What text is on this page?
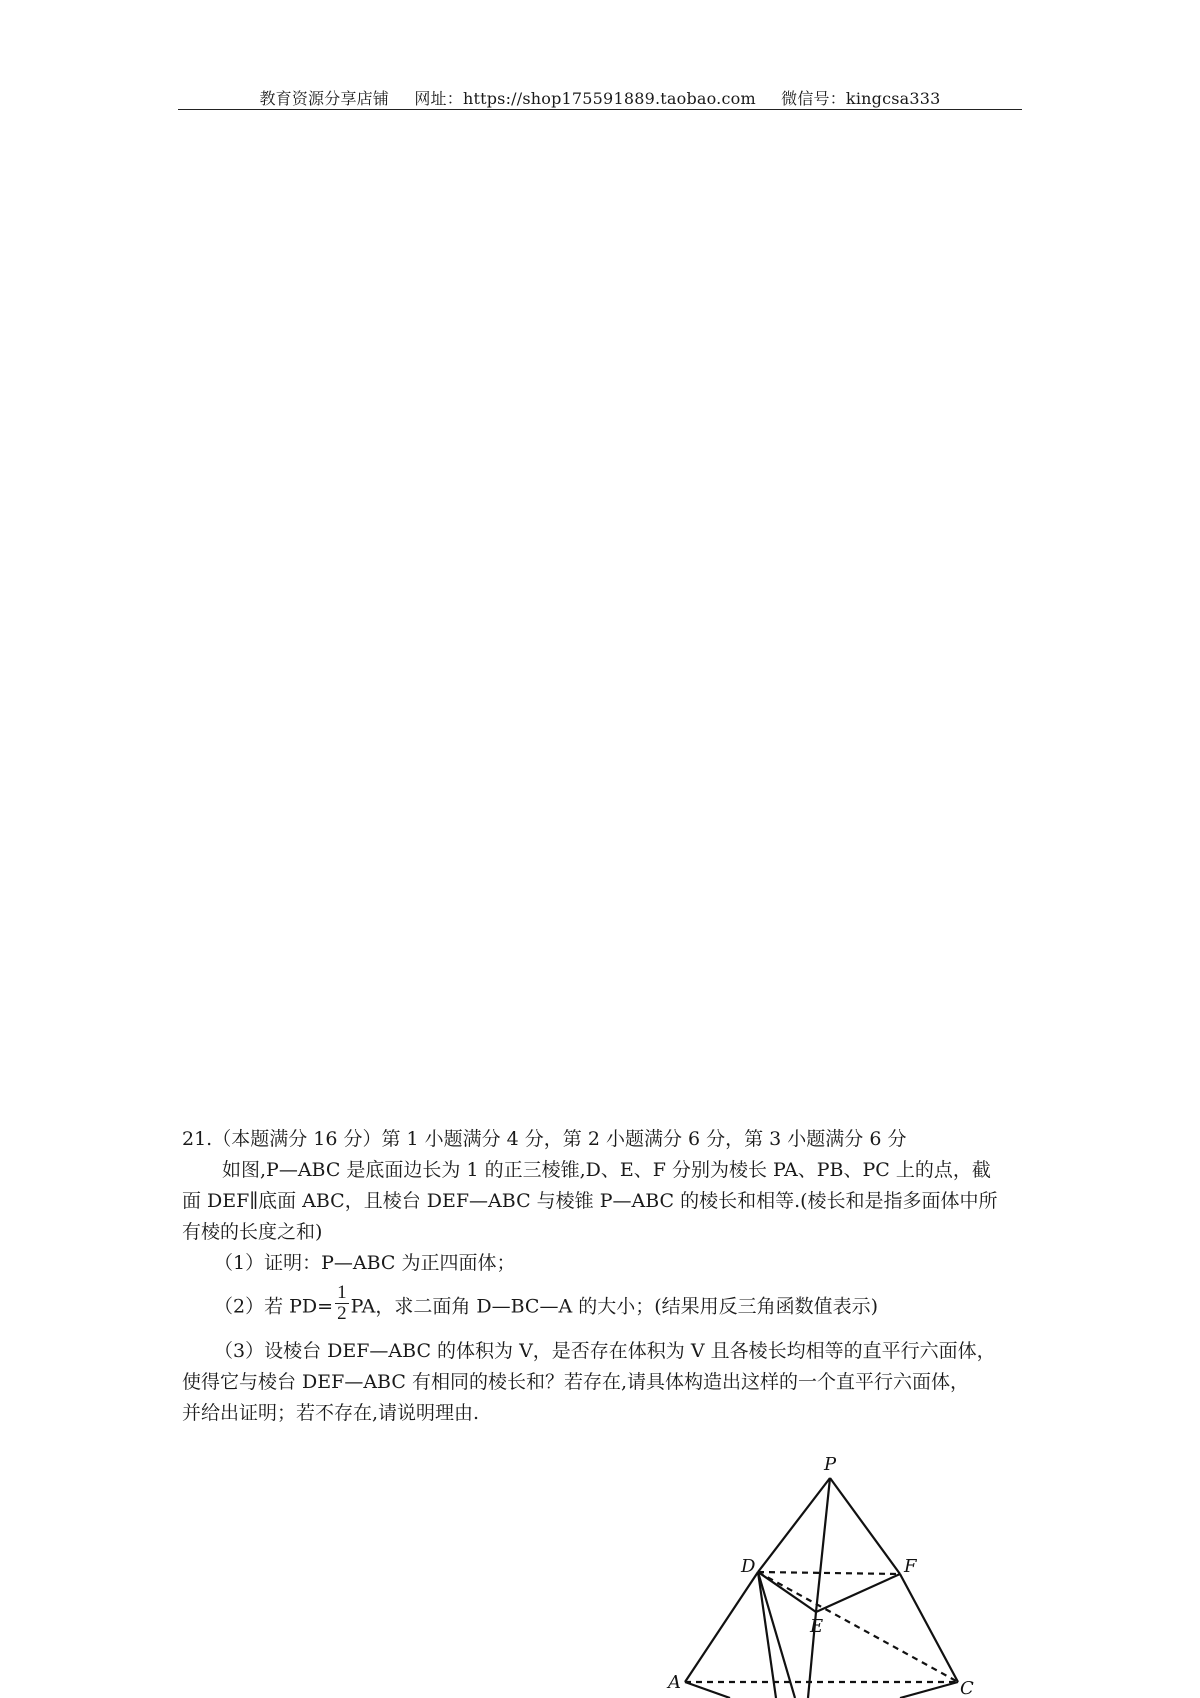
教育资源分享店铺 网址：https://shop175591889.taobao.com 微信号：kingcsa333
21.（本题满分 16 分）第 1 小题满分 4 分，第 2 小题满分 6 分，第 3 小题满分 6 分
如图,P—ABC 是底面边长为 1 的正三棱锥,D、E、F 分别为棱长 PA、PB、PC 上的点，截
面 DEF∥底面 ABC，且棱台 DEF—ABC 与棱锥 P—ABC 的棱长和相等.(棱长和是指多面体中所
有棱的长度之和)
（1）证明：P—ABC 为正四面体；
（2）若 $PD= \frac{1}{2}$ PA，求二面角 D—BC—A 的大小；(结果用反三角函数值表示)
（3）设棱台 DEF—ABC 的体积为 V，是否存在体积为 V 且各棱长均相等的直平行六面体，
使得它与棱台 DEF—ABC 有相同的棱长和？若存在,请具体构造出这样的一个直平行六面体，
并给出证明；若不存在,请说明理由.
P
D	F
E
A	C
